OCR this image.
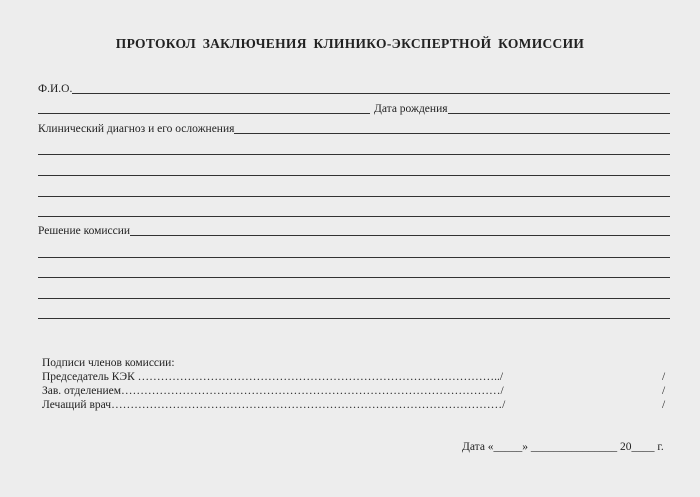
ПРОТОКОЛ ЗАКЛЮЧЕНИЯ КЛИНИКО-ЭКСПЕРТНОЙ КОМИССИИ
Ф.И.О.
Дата рождения
Клинический диагноз и его осложнения
Решение комиссии
Подписи членов комиссии:
Председатель КЭК …………………………………………………………………………………../	/
Зав. отделением………………………………………………………………………………………/	/
Лечащий врач…………………………………………………………………………………………/	/
Дата «_____» _______________ 20____ г.
